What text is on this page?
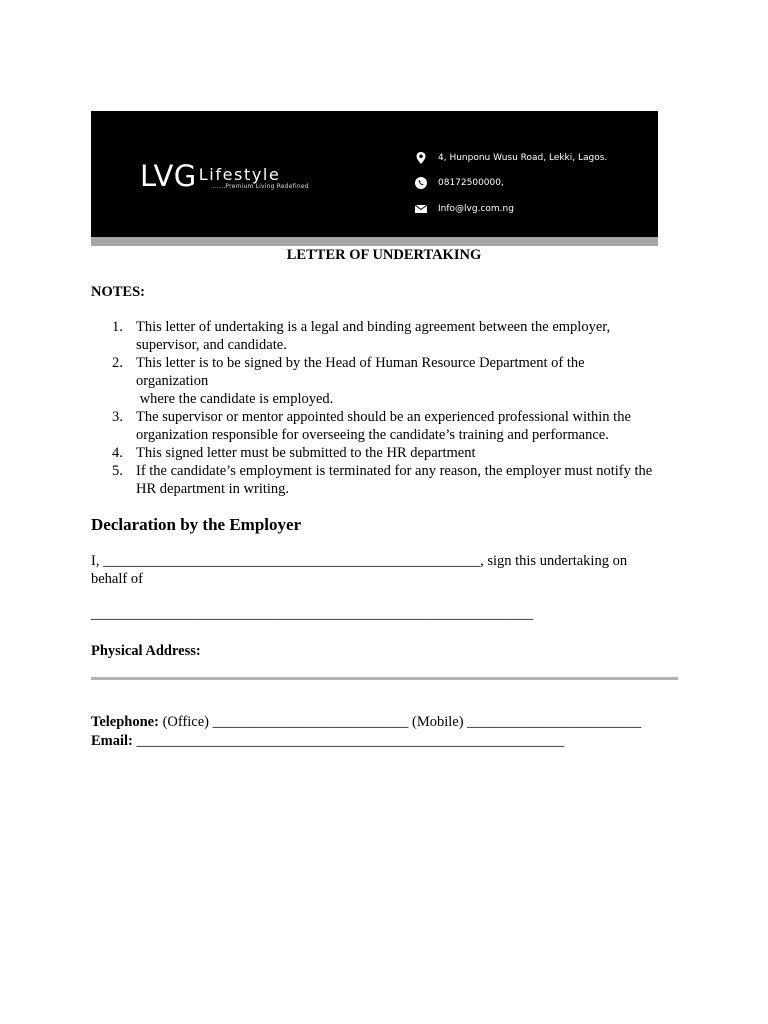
LVG Lifestyle
......Premium Living Redefined
4, Hunponu Wusu Road, Lekki, Lagos.
08172500000,
Info@lvg.com.ng
LETTER OF UNDERTAKING
NOTES:
1. This letter of undertaking is a legal and binding agreement between the employer,
supervisor, and candidate.
2. This letter is to be signed by the Head of Human Resource Department of the
organization
where the candidate is employed.
3. The supervisor or mentor appointed should be an experienced professional within the
organization responsible for overseeing the candidate’s training and performance.
4. This signed letter must be submitted to the HR department
5. If the candidate’s employment is terminated for any reason, the employer must notify the
HR department in writing.
Declaration by the Employer
I, ____________________________________________________, sign this undertaking on
behalf of
_____________________________________________________________
Physical Address:
Telephone: (Office) ___________________________ (Mobile) ________________________
Email: ___________________________________________________________
